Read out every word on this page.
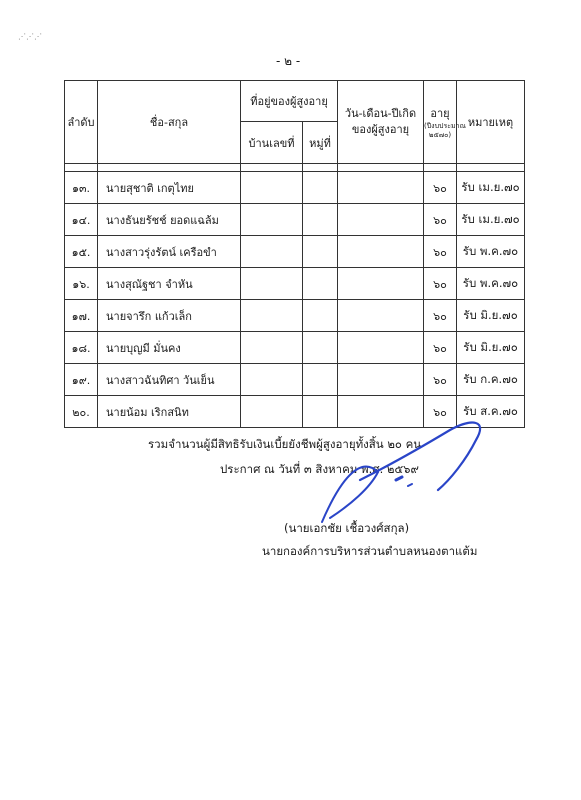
⋰⋰⋰
- ๒ -
ลำดับ	ชื่อ-สกุล	ที่อยู่ของผู้สูงอายุ		วัน-เดือน-ปีเกิดของผู้สูงอายุ	อายุ
(ปีงบประมาณ ๒๕๗๐)	หมายเหตุ
		บ้านเลขที่	หมู่ที่			

๑๓.	นายสุชาติ เกตุไทย				๖๐	รับ เม.ย.๗๐
๑๔.	นางธันยรัชช์ ยอดแฉล้ม				๖๐	รับ เม.ย.๗๐
๑๕.	นางสาวรุ่งรัตน์ เครือขำ				๖๐	รับ พ.ค.๗๐
๑๖.	นางสุณัฐชา จำหัน				๖๐	รับ พ.ค.๗๐
๑๗.	นายจารึก แก้วเล็ก				๖๐	รับ มิ.ย.๗๐
๑๘.	นายบุญมี มั่นคง				๖๐	รับ มิ.ย.๗๐
๑๙.	นางสาวฉันทิศา วันเย็น				๖๐	รับ ก.ค.๗๐
๒๐.	นายน้อม เริกสนิท				๖๐	รับ ส.ค.๗๐
รวมจำนวนผู้มีสิทธิรับเงินเบี้ยยังชีพผู้สูงอายุทั้งสิ้น ๒๐ คน
ประกาศ ณ วันที่ ๓ สิงหาคม พ.ศ. ๒๕๖๙
(นายเอกชัย เชื้อวงศ์สกุล)
นายกองค์การบริหารส่วนตำบลหนองตาแต้ม
